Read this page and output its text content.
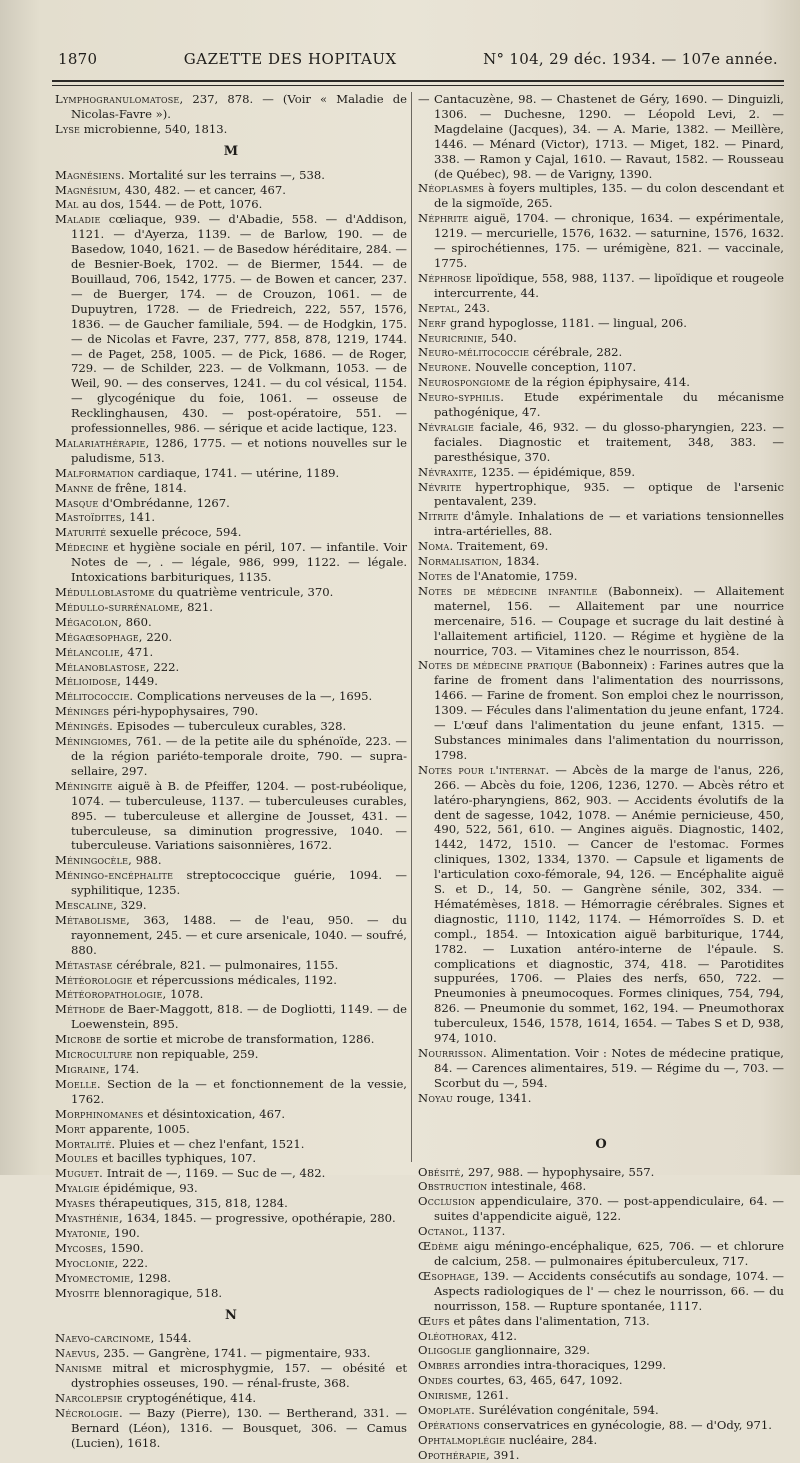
1870	GAZETTE DES HOPITAUX	N° 104, 29 déc. 1934. — 107e année.

Lymphogranulomatose, 237, 878. — (Voir « Maladie de Nicolas-Favre »).

Lyse microbienne, 540, 1813.

M

Magnésiens. Mortalité sur les terrains —, 538.

Magnésium, 430, 482. — et cancer, 467.

Mal au dos, 1544. — de Pott, 1076.

Maladie cœliaque, 939. — d'Abadie, 558. — d'Addison, 1121. — d'Ayerza, 1139. — de Barlow, 190. — de Basedow, 1040, 1621. — de Basedow héréditaire, 284. — de Besnier-Boek, 1702. — de Biermer, 1544. — de Bouillaud, 706, 1542, 1775. — de Bowen et cancer, 237. — de Buerger, 174. — de Crouzon, 1061. — de Dupuytren, 1728. — de Friedreich, 222, 557, 1576, 1836. — de Gaucher familiale, 594. — de Hodgkin, 175. — de Nicolas et Favre, 237, 777, 858, 878, 1219, 1744. — de Paget, 258, 1005. — de Pick, 1686. — de Roger, 729. — de Schilder, 223. — de Volkmann, 1053. — de Weil, 90. — des conserves, 1241. — du col vésical, 1154. — glycogénique du foie, 1061. — osseuse de Recklinghausen, 430. — post-opératoire, 551. — professionnelles, 986. — sérique et acide lactique, 123.

Malariathérapie, 1286, 1775. — et notions nouvelles sur le paludisme, 513.

Malformation cardiaque, 1741. — utérine, 1189.

Manne de frêne, 1814.

Masque d'Ombrédanne, 1267.

Mastoïdites, 141.

Maturité sexuelle précoce, 594.

Médecine et hygiène sociale en péril, 107. — infantile. Voir Notes de —, . — légale, 986, 999, 1122. — légale. Intoxications barbituriques, 1135.

Médulloblastome du quatrième ventricule, 370.

Médullo-surrénalome, 821.

Mégacolon, 860.

Mégaœsophage, 220.

Mélancolie, 471.

Mélanoblastose, 222.

Mélioidose, 1449.

Mélitococcie. Complications nerveuses de la —, 1695.

Méninges péri-hypophysaires, 790.

Méningés. Episodes — tuberculeux curables, 328.

Méningiomes, 761. — de la petite aile du sphénoïde, 223. — de la région pariéto-temporale droite, 790. — supra-sellaire, 297.

Méningite aiguë à B. de Pfeiffer, 1204. — post-rubéolique, 1074. — tuberculeuse, 1137. — tuberculeuses curables, 895. — tuberculeuse et allergine de Jousset, 431. — tuberculeuse, sa diminution progressive, 1040. — tuberculeuse. Variations saisonnières, 1672.

Méningocèle, 988.

Méningo-encéphalite streptococcique guérie, 1094. — syphilitique, 1235.

Mescaline, 329.

Métabolisme, 363, 1488. — de l'eau, 950. — du rayonnement, 245. — et cure arsenicale, 1040. — soufré, 880.

Métastase cérébrale, 821. — pulmonaires, 1155.

Météorologie et répercussions médicales, 1192.

Météoropathologie, 1078.

Méthode de Baer-Maggott, 818. — de Dogliotti, 1149. — de Loewenstein, 895.

Microbe de sortie et microbe de transformation, 1286.

Microculture non repiquable, 259.

Migraine, 174.

Moelle. Section de la — et fonctionnement de la vessie, 1762.

Morphinomanes et désintoxication, 467.

Mort apparente, 1005.

Mortalité. Pluies et — chez l'enfant, 1521.

Moules et bacilles typhiques, 107.

Muguet. Intrait de —, 1169. — Suc de —, 482.

Myalgie épidémique, 93.

Myases thérapeutiques, 315, 818, 1284.

Myasthénie, 1634, 1845. — progressive, opothérapie, 280.

Myatonie, 190.

Mycoses, 1590.

Myoclonie, 222.

Myomectomie, 1298.

Myosite blennoragique, 518.

N

Naevo-carcinome, 1544.

Naevus, 235. — Gangrène, 1741. — pigmentaire, 933.

Nanisme mitral et microsphygmie, 157. — obésité et dystrophies osseuses, 190. — rénal-fruste, 368.

Narcolepsie cryptogénétique, 414.

Nécrologie. — Bazy (Pierre), 130. — Bertherand, 331. — Bernard (Léon), 1316. — Bousquet, 306. — Camus (Lucien), 1618.

— Cantacuzène, 98. — Chastenet de Géry, 1690. — Dinguizli, 1306. — Duchesne, 1290. — Léopold Levi, 2. — Magdelaine (Jacques), 34. — A. Marie, 1382. — Meillère, 1446. — Ménard (Victor), 1713. — Miget, 182. — Pinard, 338. — Ramon y Cajal, 1610. — Ravaut, 1582. — Rousseau (de Québec), 98. — de Varigny, 1390.

Néoplasmes à foyers multiples, 135. — du colon descendant et de la sigmoïde, 265.

Néphrite aiguë, 1704. — chronique, 1634. — expérimentale, 1219. — mercurielle, 1576, 1632. — saturnine, 1576, 1632. — spirochétiennes, 175. — urémigène, 821. — vaccinale, 1775.

Néphrose lipoïdique, 558, 988, 1137. — lipoïdique et rougeole intercurrente, 44.

Neptal, 243.

Nerf grand hypoglosse, 1181. — lingual, 206.

Neuricrinie, 540.

Neuro-mélitococcie cérébrale, 282.

Neurone. Nouvelle conception, 1107.

Neurospongiome de la région épiphysaire, 414.

Neuro-syphilis. Etude expérimentale du mécanisme pathogénique, 47.

Névralgie faciale, 46, 932. — du glosso-pharyngien, 223. — faciales. Diagnostic et traitement, 348, 383. — paresthésique, 370.

Névraxite, 1235. — épidémique, 859.

Névrite hypertrophique, 935. — optique de l'arsenic pentavalent, 239.

Nitrite d'âmyle. Inhalations de — et variations tensionnelles intra-artérielles, 88.

Noma. Traitement, 69.

Normalisation, 1834.

Notes de l'Anatomie, 1759.

Notes de médecine infantile (Babonneix). — Allaitement maternel, 156. — Allaitement par une nourrice mercenaire, 516. — Coupage et sucrage du lait destiné à l'allaitement artificiel, 1120. — Régime et hygiène de la nourrice, 703. — Vitamines chez le nourrisson, 854.

Notes de médecine pratique (Babonneix) : Farines autres que la farine de froment dans l'alimentation des nourrissons, 1466. — Farine de froment. Son emploi chez le nourrisson, 1309. — Fécules dans l'alimentation du jeune enfant, 1724. — L'œuf dans l'alimentation du jeune enfant, 1315. — Substances minimales dans l'alimentation du nourrisson, 1798.

Notes pour l'internat. — Abcès de la marge de l'anus, 226, 266. — Abcès du foie, 1206, 1236, 1270. — Abcès rétro et latéro-pharyngiens, 862, 903. — Accidents évolutifs de la dent de sagesse, 1042, 1078. — Anémie pernicieuse, 450, 490, 522, 561, 610. — Angines aiguës. Diagnostic, 1402, 1442, 1472, 1510. — Cancer de l'estomac. Formes cliniques, 1302, 1334, 1370. — Capsule et ligaments de l'articulation coxo-fémorale, 94, 126. — Encéphalite aiguë S. et D., 14, 50. — Gangrène sénile, 302, 334. — Hématémèses, 1818. — Hémorragie cérébrales. Signes et diagnostic, 1110, 1142, 1174. — Hémorroïdes S. D. et compl., 1854. — Intoxication aiguë barbiturique, 1744, 1782. — Luxation antéro-interne de l'épaule. S. complications et diagnostic, 374, 418. — Parotidites suppurées, 1706. — Plaies des nerfs, 650, 722. — Pneumonies à pneumocoques. Formes cliniques, 754, 794, 826. — Pneumonie du sommet, 162, 194. — Pneumothorax tuberculeux, 1546, 1578, 1614, 1654. — Tabes S et D, 938, 974, 1010.

Nourrisson. Alimentation. Voir : Notes de médecine pratique, 84. — Carences alimentaires, 519. — Régime du —, 703. — Scorbut du —, 594.

Noyau rouge, 1341.

O

Obésité, 297, 988. — hypophysaire, 557.

Obstruction intestinale, 468.

Occlusion appendiculaire, 370. — post-appendiculaire, 64. — suites d'appendicite aiguë, 122.

Octanol, 1137.

Œdème aigu méningo-encéphalique, 625, 706. — et chlorure de calcium, 258. — pulmonaires épituberculeux, 717.

Œsophage, 139. — Accidents consécutifs au sondage, 1074. — Aspects radiologiques de l' — chez le nourrisson, 66. — du nourrisson, 158. — Rupture spontanée, 1117.

Œufs et pâtes dans l'alimentation, 713.

Oléothorax, 412.

Oligoglie ganglionnaire, 329.

Ombres arrondies intra-thoraciques, 1299.

Ondes courtes, 63, 465, 647, 1092.

Onirisme, 1261.

Omoplate. Surélévation congénitale, 594.

Opérations conservatrices en gynécologie, 88. — d'Ody, 971.

Ophtalmoplégie nucléaire, 284.

Opothérapie, 391.
